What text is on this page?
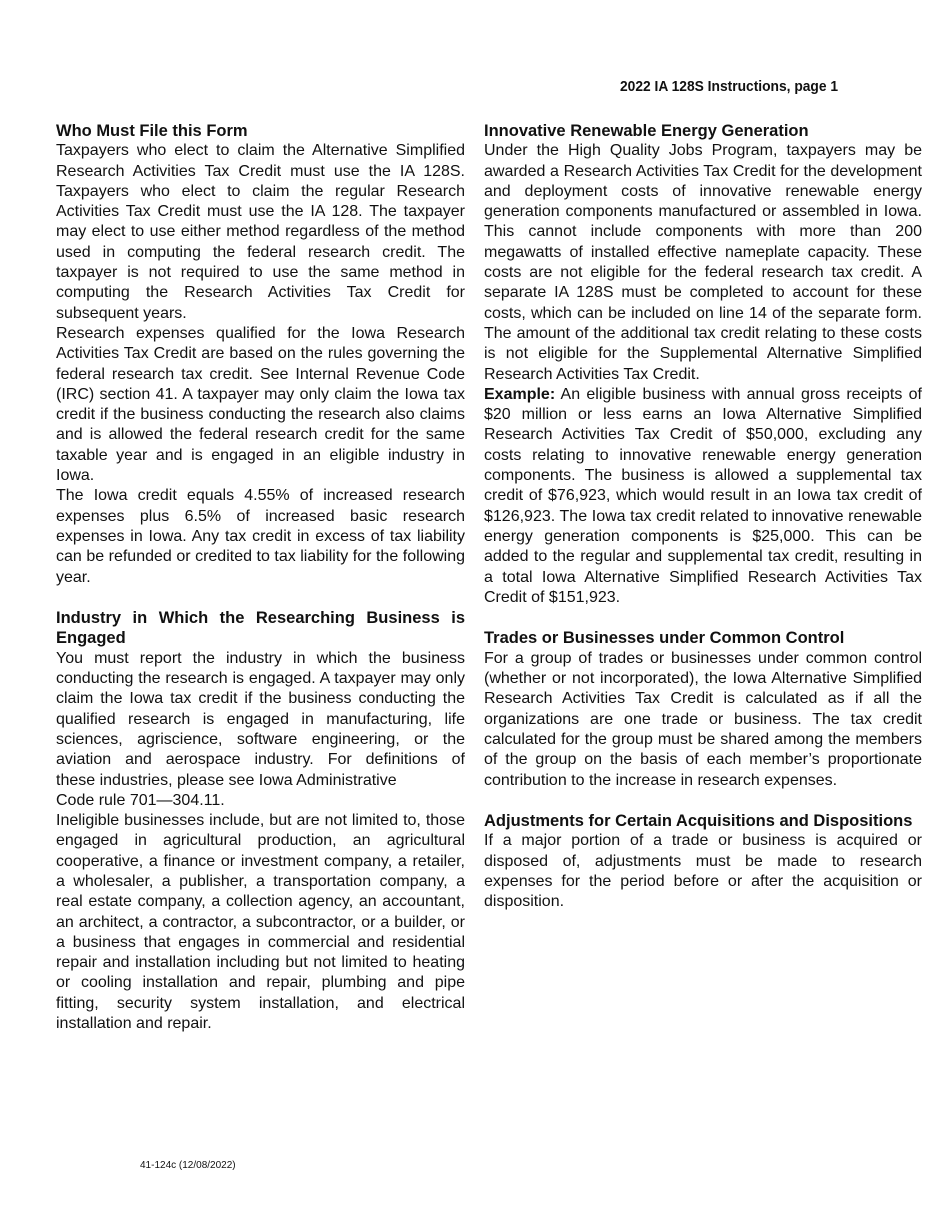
2022 IA 128S Instructions, page 1
Who Must File this Form

Taxpayers who elect to claim the Alternative Simplified Research Activities Tax Credit must use the IA 128S. Taxpayers who elect to claim the regular Research Activities Tax Credit must use the IA 128. The taxpayer may elect to use either method regardless of the method used in computing the federal research credit. The taxpayer is not required to use the same method in computing the Research Activities Tax Credit for subsequent years.

Research expenses qualified for the Iowa Research Activities Tax Credit are based on the rules governing the federal research tax credit. See Internal Revenue Code (IRC) section 41. A taxpayer may only claim the Iowa tax credit if the business conducting the research also claims and is allowed the federal research credit for the same taxable year and is engaged in an eligible industry in Iowa.

The Iowa credit equals 4.55% of increased research expenses plus 6.5% of increased basic research expenses in Iowa. Any tax credit in excess of tax liability can be refunded or credited to tax liability for the following year.

Industry in Which the Researching Business is Engaged

You must report the industry in which the business conducting the research is engaged. A taxpayer may only claim the Iowa tax credit if the business conducting the qualified research is engaged in manufacturing, life sciences, agriscience, software engineering, or the aviation and aerospace industry. For definitions of

these industries, please see Iowa Administrative

Code rule 701—304.11.

Ineligible businesses include, but are not limited to, those engaged in agricultural production, an agricultural cooperative, a finance or investment company, a retailer, a wholesaler, a publisher, a transportation company, a real estate company, a collection agency, an accountant, an architect, a contractor, a subcontractor, or a builder, or a business that engages in commercial and residential repair and installation including but not limited to heating or cooling installation and repair, plumbing and pipe fitting, security system installation, and electrical installation and repair.

Innovative Renewable Energy Generation

Under the High Quality Jobs Program, taxpayers may be awarded a Research Activities Tax Credit for the development and deployment costs of innovative renewable energy generation components manufactured or assembled in Iowa. This cannot include components with more than 200 megawatts of installed effective nameplate capacity. These costs are not eligible for the federal research tax credit. A separate IA 128S must be completed to account for these costs, which can be included on line 14 of the separate form. The amount of the additional tax credit relating to these costs is not eligible for the Supplemental Alternative Simplified Research Activities Tax Credit.

Example: An eligible business with annual gross receipts of $20 million or less earns an Iowa Alternative Simplified Research Activities Tax Credit of $50,000, excluding any costs relating to innovative renewable energy generation components. The business is allowed a supplemental tax credit of $76,923, which would result in an Iowa tax credit of $126,923. The Iowa tax credit related to innovative renewable energy generation components is $25,000. This can be added to the regular and supplemental tax credit, resulting in a total Iowa Alternative Simplified Research Activities Tax Credit of $151,923.

Trades or Businesses under Common Control

For a group of trades or businesses under common control (whether or not incorporated), the Iowa Alternative Simplified Research Activities Tax Credit is calculated as if all the organizations are one trade or business. The tax credit calculated for the group must be shared among the members of the group on the basis of each member’s proportionate contribution to the increase in research expenses.

Adjustments for Certain Acquisitions and Dispositions

If a major portion of a trade or business is acquired or disposed of, adjustments must be made to research expenses for the period before or after the acquisition or disposition.

41-124c (12/08/2022)
